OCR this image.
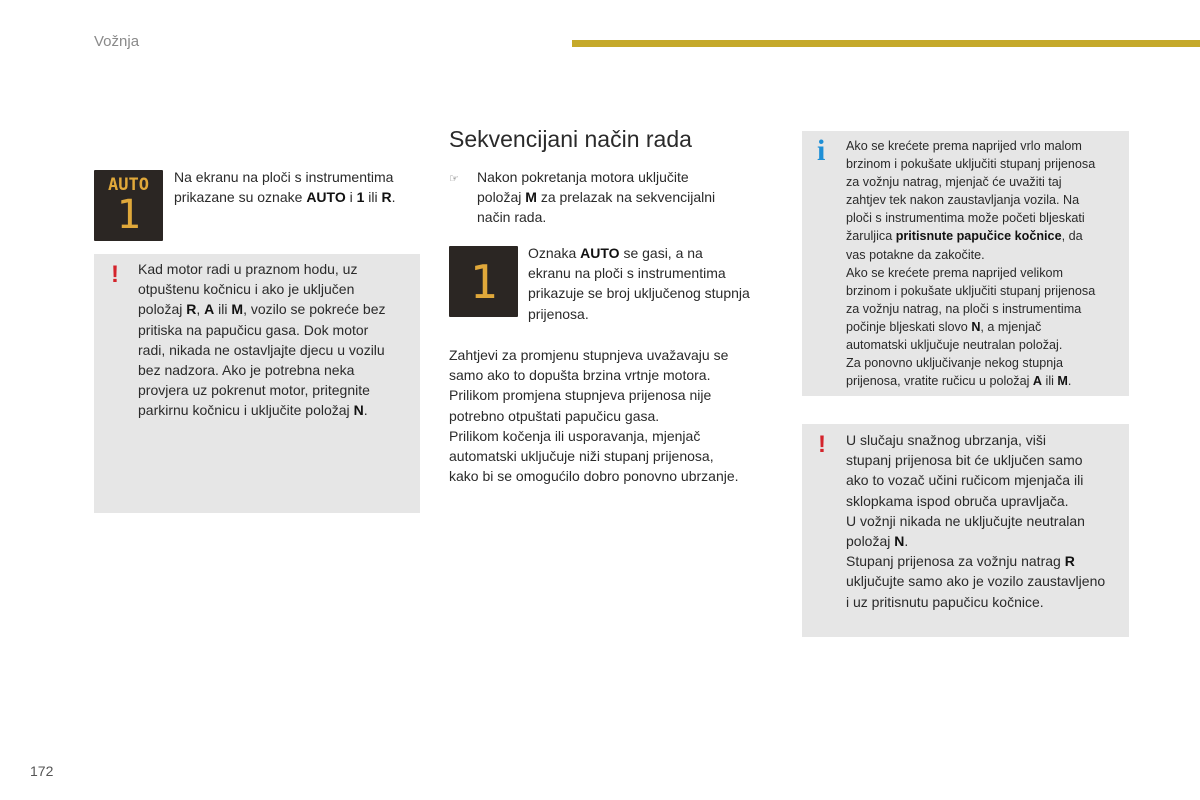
Vožnja
172
AUTO
1
Na ekranu na ploči s instrumentima
prikazane su oznake AUTO i 1 ili R.
! Kad motor radi u praznom hodu, uz
otpuštenu kočnicu i ako je uključen
položaj R, A ili M, vozilo se pokreće bez
pritiska na papučicu gasa. Dok motor
radi, nikada ne ostavljajte djecu u vozilu
bez nadzora. Ako je potrebna neka
provjera uz pokrenut motor, pritegnite
parkirnu kočnicu i uključite položaj N.
Sekvencijani način rada
☞ Nakon pokretanja motora uključite
položaj M za prelazak na sekvencijalni
način rada.
1
Oznaka AUTO se gasi, a na
ekranu na ploči s instrumentima
prikazuje se broj uključenog stupnja
prijenosa.
Zahtjevi za promjenu stupnjeva uvažavaju se
samo ako to dopušta brzina vrtnje motora.
Prilikom promjena stupnjeva prijenosa nije
potrebno otpuštati papučicu gasa.
Prilikom kočenja ili usporavanja, mjenjač
automatski uključuje niži stupanj prijenosa,
kako bi se omogućilo dobro ponovno ubrzanje.
i Ako se krećete prema naprijed vrlo malom
brzinom i pokušate uključiti stupanj prijenosa
za vožnju natrag, mjenjač će uvažiti taj
zahtjev tek nakon zaustavljanja vozila. Na
ploči s instrumentima može početi bljeskati
žaruljica pritisnute papučice kočnice, da
vas potakne da zakočite.
Ako se krećete prema naprijed velikom
brzinom i pokušate uključiti stupanj prijenosa
za vožnju natrag, na ploči s instrumentima
počinje bljeskati slovo N, a mjenjač
automatski uključuje neutralan položaj.
Za ponovno uključivanje nekog stupnja
prijenosa, vratite ručicu u položaj A ili M.
! U slučaju snažnog ubrzanja, viši
stupanj prijenosa bit će uključen samo
ako to vozač učini ručicom mjenjača ili
sklopkama ispod obruča upravljača.
U vožnji nikada ne uključujte neutralan
položaj N.
Stupanj prijenosa za vožnju natrag R
uključujte samo ako je vozilo zaustavljeno
i uz pritisnutu papučicu kočnice.
